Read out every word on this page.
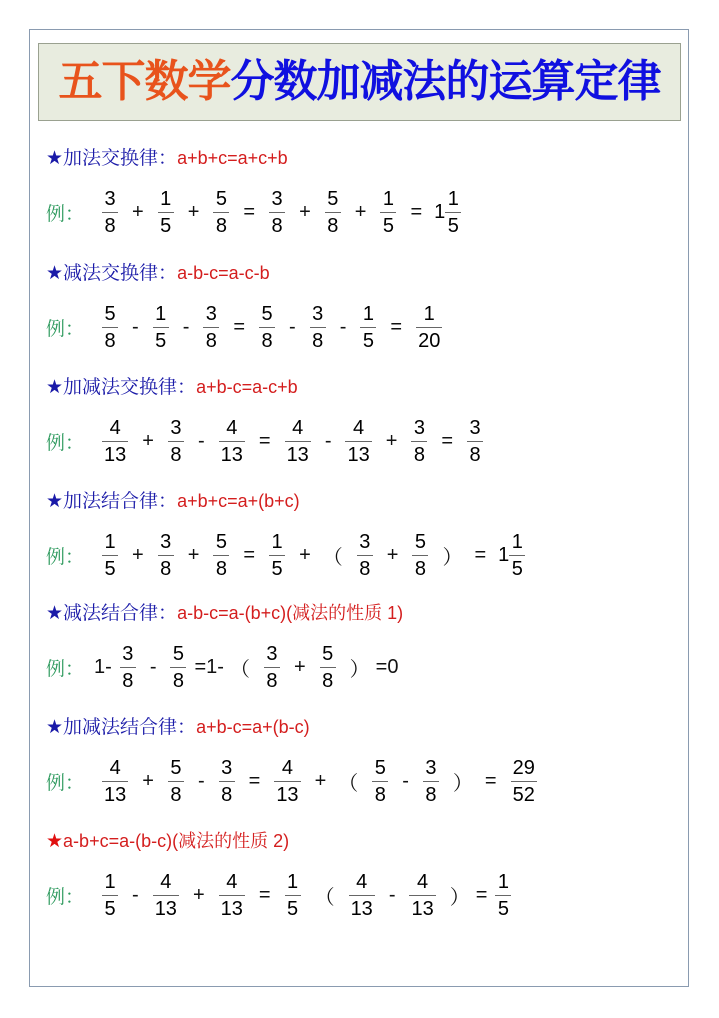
五下数学分数加减法的运算定律
★加法交换律：a+b+c=a+c+b
例： $\frac{3}{8} + \frac{1}{5} + \frac{5}{8} = \frac{3}{8} + \frac{5}{8} + \frac{1}{5} = 1 \frac{1}{5}$
★减法交换律：a-b-c=a-c-b
例： $\frac{5}{8} - \frac{1}{5} - \frac{3}{8} = \frac{5}{8} - \frac{3}{8} - \frac{1}{5} = \frac{1}{20}$
★加减法交换律：a+b-c=a-c+b
例： $\frac{4}{13} + \frac{3}{8} - \frac{4}{13} = \frac{4}{13} - \frac{4}{13} + \frac{3}{8} = \frac{3}{8}$
★加法结合律：a+b+c=a+(b+c)
例： $\frac{1}{5} + \frac{3}{8} + \frac{5}{8} = \frac{1}{5}$ + （ $\frac{3}{8} + \frac{5}{8}$ ） = $1 \frac{1}{5}$
★减法结合律：a-b-c=a-(b+c)(减法的性质 1)
例： $1- \frac{3}{8} - \frac{5}{8} =1-$ （ $\frac{3}{8} + \frac{5}{8}$ ） =0
★加减法结合律：a+b-c=a+(b-c)
例： $\frac{4}{13} + \frac{5}{8} - \frac{3}{8} = \frac{4}{13}$ + （ $\frac{5}{8} - \frac{3}{8}$ ） = $\frac{29}{52}$
★a-b+c=a-(b-c)(减法的性质 2)
例： $\frac{1}{5} - \frac{4}{13} + \frac{4}{13} = \frac{1}{5}$ （ $\frac{4}{13} - \frac{4}{13}$ ） = $\frac{1}{5}$
